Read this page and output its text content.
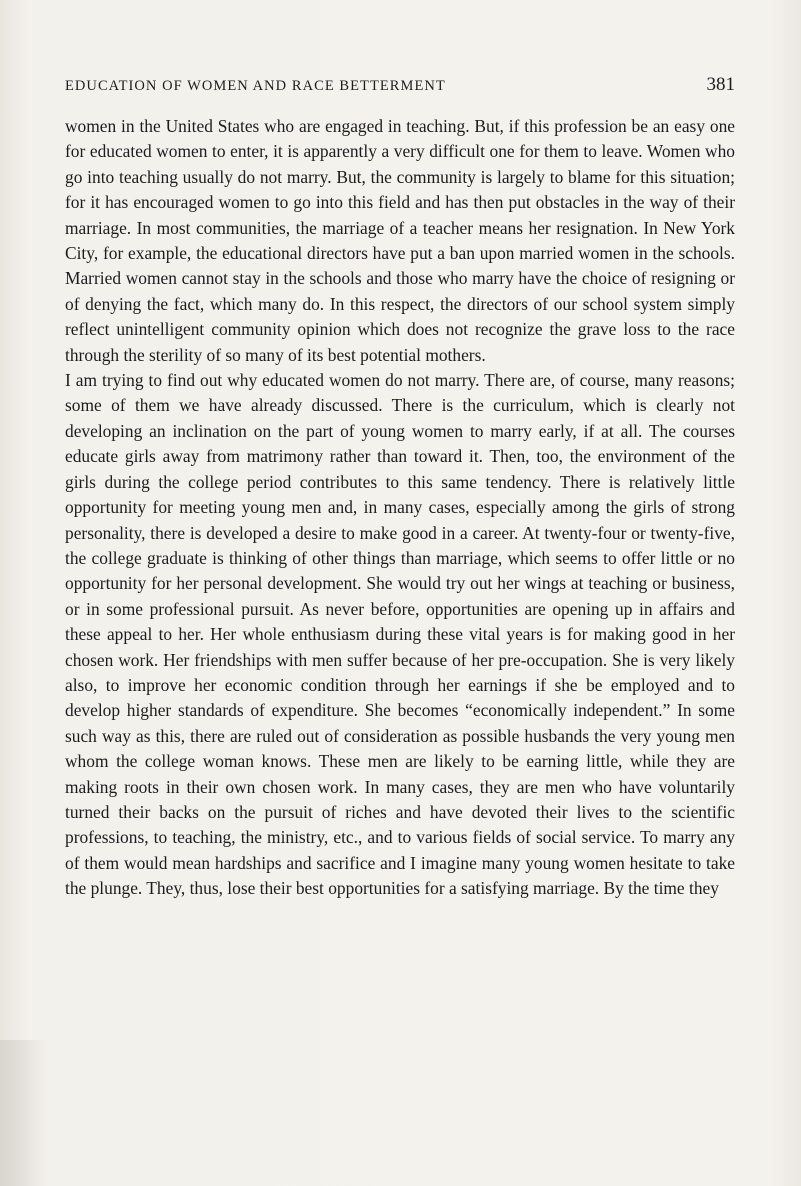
EDUCATION OF WOMEN AND RACE BETTERMENT	381

women in the United States who are engaged in teaching. But, if this profession be an easy one for educated women to enter, it is apparently a very difficult one for them to leave. Women who go into teaching usually do not marry. But, the community is largely to blame for this situation; for it has encouraged women to go into this field and has then put obstacles in the way of their marriage. In most communities, the marriage of a teacher means her resignation. In New York City, for example, the educational directors have put a ban upon married women in the schools. Married women cannot stay in the schools and those who marry have the choice of resigning or of denying the fact, which many do. In this respect, the directors of our school system simply reflect unintelligent community opinion which does not recognize the grave loss to the race through the sterility of so many of its best potential mothers.

I am trying to find out why educated women do not marry. There are, of course, many reasons; some of them we have already discussed. There is the curriculum, which is clearly not developing an inclination on the part of young women to marry early, if at all. The courses educate girls away from matrimony rather than toward it. Then, too, the environment of the girls during the college period contributes to this same tendency. There is relatively little opportunity for meeting young men and, in many cases, especially among the girls of strong personality, there is developed a desire to make good in a career. At twenty-four or twenty-five, the college graduate is thinking of other things than marriage, which seems to offer little or no opportunity for her personal development. She would try out her wings at teaching or business, or in some professional pursuit. As never before, opportunities are opening up in affairs and these appeal to her. Her whole enthusiasm during these vital years is for making good in her chosen work. Her friendships with men suffer because of her pre-occupation. She is very likely also, to improve her economic condition through her earnings if she be employed and to develop higher standards of expenditure. She becomes “economically independent.” In some such way as this, there are ruled out of consideration as possible husbands the very young men whom the college woman knows. These men are likely to be earning little, while they are making roots in their own chosen work. In many cases, they are men who have voluntarily turned their backs on the pursuit of riches and have devoted their lives to the scientific professions, to teaching, the ministry, etc., and to various fields of social service. To marry any of them would mean hardships and sacrifice and I imagine many young women hesitate to take the plunge. They, thus, lose their best opportunities for a satisfying marriage. By the time they
